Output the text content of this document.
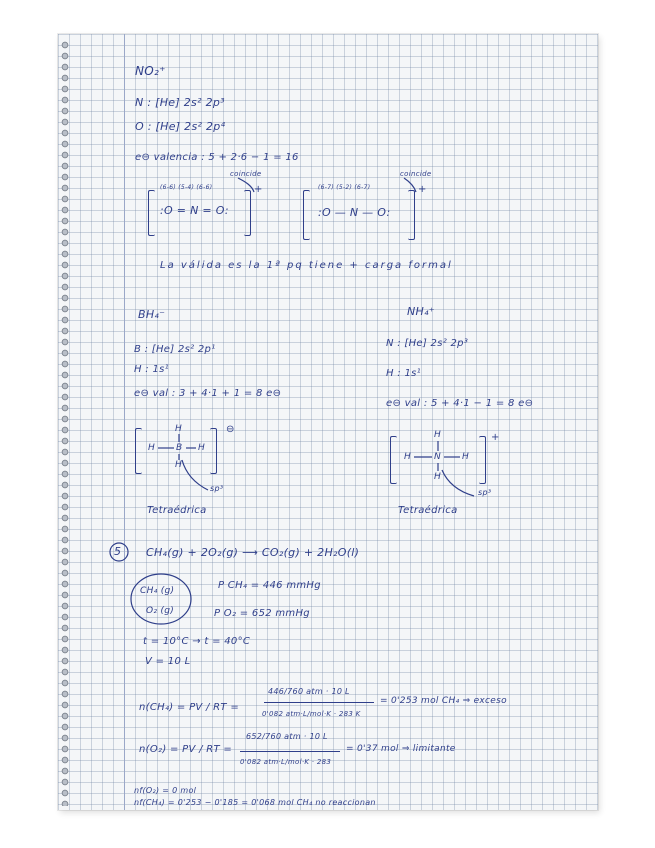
NO₂⁺
N : [He] 2s² 2p³
O : [He] 2s² 2p⁴
e⊖ valencia : 5 + 2·6 − 1 = 16
coincide	coincide
(6-6) (5-4) (6-6)	(6-7) (5-2) (6-7)
:O = N = O:
+
:O — N — O:
+
La válida es la 1ª pq tiene + carga formal
BH₄⁻
B : [He] 2s² 2p¹
H : 1s¹
e⊖ val : 3 + 4·1 + 1 = 8 e⊖
⊖
H
H B H
H
sp³
Tetraédrica
NH₄⁺
N : [He] 2s² 2p³
H : 1s¹
e⊖ val : 5 + 4·1 − 1 = 8 e⊖
+
H
H	N H
H
sp³
Tetraédrica
5 CH₄(g) + 2O₂(g) ⟶ CO₂(g) + 2H₂O(l)
CH₄ (g)
O₂ (g)
P CH₄ = 446 mmHg
P O₂ = 652 mmHg
t = 10°C → t = 40°C
V = 10 L
n(CH₄) = PV / RT =
446/760 atm · 10 L
0'082 atm·L/mol·K · 283 K
= 0'253 mol CH₄ ⇒ exceso
n(O₂) = PV / RT =
652/760 atm · 10 L
0'082 atm·L/mol·K · 283
= 0'37 mol ⇒ limitante
nf(O₂) = 0 mol
nf(CH₄) = 0'253 − 0'185 = 0'068 mol CH₄ no reaccionan
